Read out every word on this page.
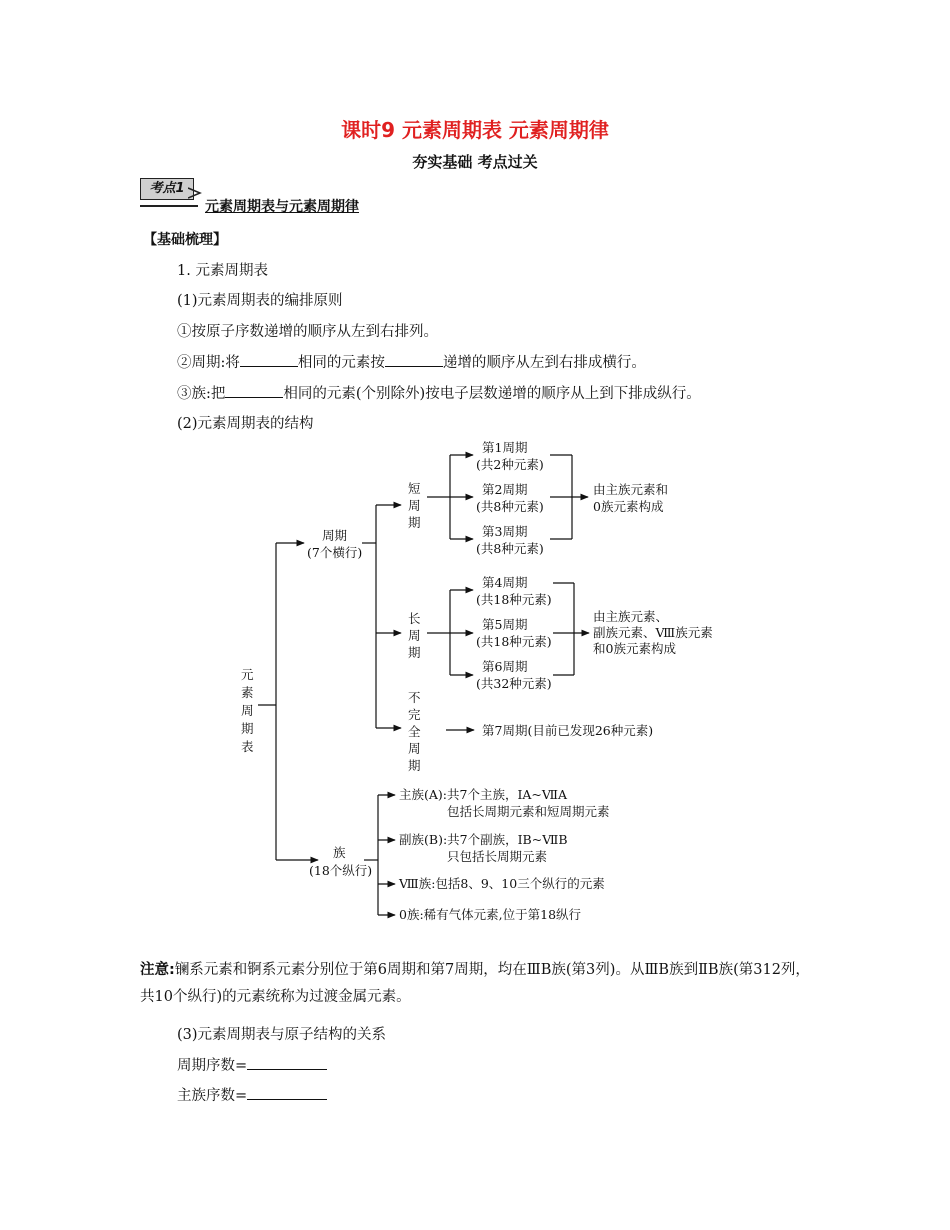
课时9 元素周期表 元素周期律
夯实基础 考点过关
考点1
元素周期表与元素周期律
【基础梳理】
1. 元素周期表
(1)元素周期表的编排原则
①按原子序数递增的顺序从左到右排列。
②周期:将	相同的元素按	递增的顺序从左到右排成横行。
③族:把	相同的元素(个别除外)按电子层数递增的顺序从上到下排成纵行。
(2)元素周期表的结构
元
素
周
期
表
周期
(7个横行)
短
周
期
长
周
期
不
完
全
周
期
第1周期
(共2种元素)
第2周期
(共8种元素)
第3周期
(共8种元素)
由主族元素和
0族元素构成
第4周期
(共18种元素)
第5周期
(共18种元素)
第6周期
(共32种元素)
由主族元素、
副族元素、Ⅷ族元素
和0族元素构成
第7周期(目前已发现26种元素)
族
(18个纵行)
主族(A):共7个主族，IA~ⅦA
包括长周期元素和短周期元素
副族(B):共7个副族，IB~ⅦB
只包括长周期元素
Ⅷ族:包括8、9、10三个纵行的元素
0族:稀有气体元素,位于第18纵行
注意:镧系元素和锕系元素分别位于第6周期和第7周期，均在ⅢB族(第3列)。从ⅢB族到ⅡB族(第312列，共10个纵行)的元素统称为过渡金属元素。
(3)元素周期表与原子结构的关系
周期序数=
主族序数=
